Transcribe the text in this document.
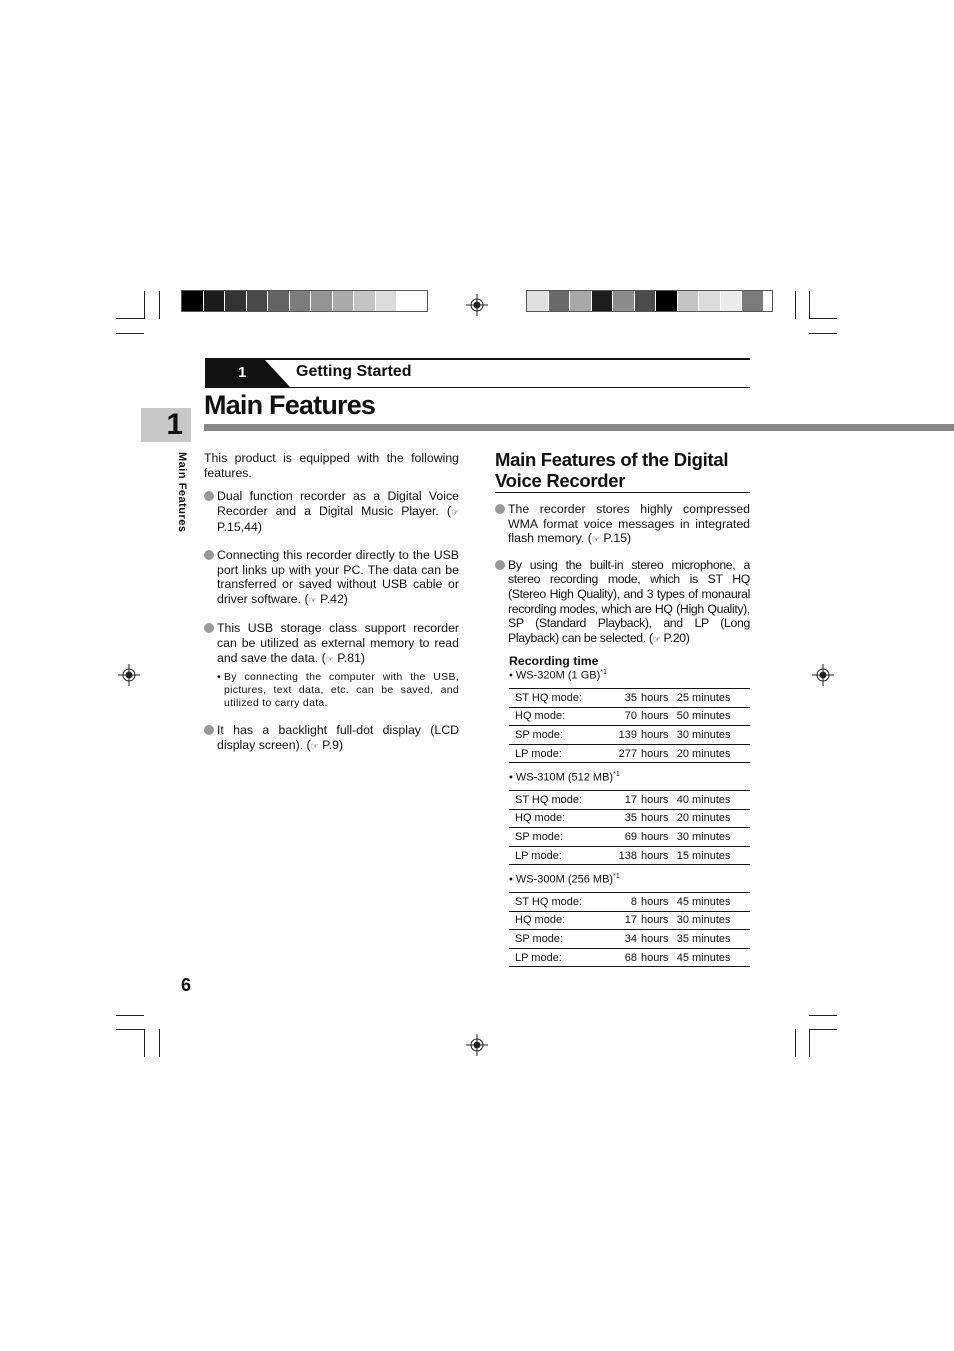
1	Getting Started
Main Features
1
Main Features This product is equipped with the following features.

Dual function recorder as a Digital Voice Recorder and a Digital Music Player. (☞ P.15,44)
Connecting this recorder directly to the USB port links up with your PC. The data can be transferred or saved without USB cable or driver software. (☞ P.42)
This USB storage class support recorder can be utilized as external memory to read and save the data. (☞ P.81)
• By connecting the computer with the USB, pictures, text data, etc. can be saved, and utilized to carry data.
It has a backlight full-dot display (LCD display screen). (☞ P.9)
Main Features of the Digital Voice Recorder
The recorder stores highly compressed WMA format voice messages in integrated flash memory. (☞ P.15)
By using the built-in stereo microphone, a stereo recording mode, which is ST HQ (Stereo High Quality), and 3 types of monaural recording modes, which are HQ (High Quality), SP (Standard Playback), and LP (Long Playback) can be selected. (☞ P.20)
Recording time
• WS-320M (1 GB)$^{*1}$
ST HQ mode:	35	hours	25	minutes
HQ mode:	70	hours	50	minutes
SP mode:	139	hours	30	minutes
LP mode:	277	hours	20	minutes
• WS-310M (512 MB)$^{*1}$
ST HQ mode:	17	hours	40	minutes
HQ mode:	35	hours	20	minutes
SP mode:	69	hours	30	minutes
LP mode:	138	hours	15	minutes
• WS-300M (256 MB)$^{*1}$
ST HQ mode:	8	hours	45	minutes
HQ mode:	17	hours	30	minutes
SP mode:	34	hours	35	minutes
LP mode:	68	hours	45	minutes
6
